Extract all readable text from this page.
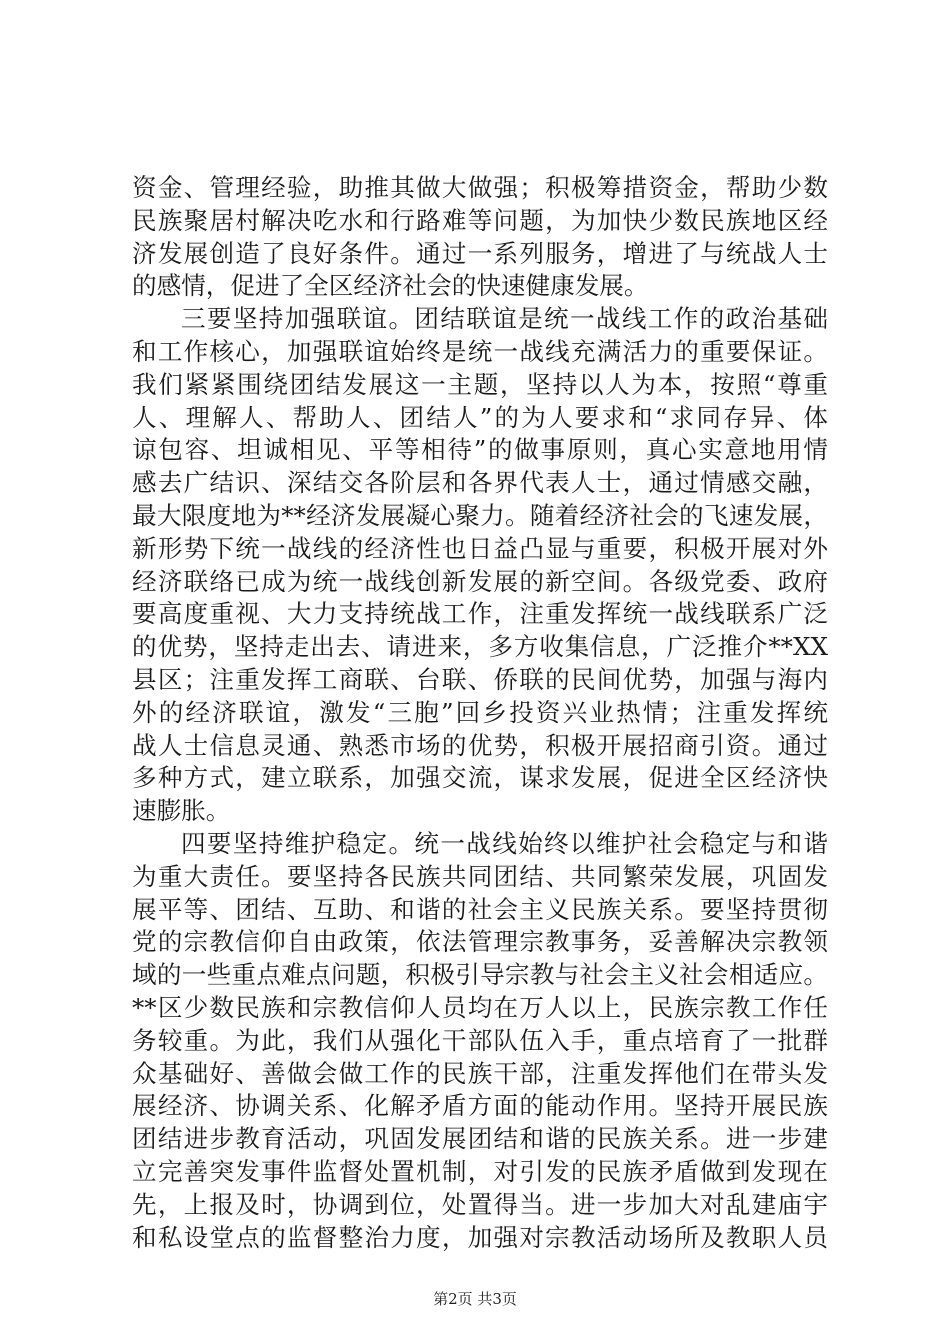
资金、管理经验，助推其做大做强；积极筹措资金，帮助少数
民族聚居村解决吃水和行路难等问题，为加快少数民族地区经
济发展创造了良好条件。通过一系列服务，增进了与统战人士
的感情，促进了全区经济社会的快速健康发展。

三要坚持加强联谊。团结联谊是统一战线工作的政治基础
和工作核心，加强联谊始终是统一战线充满活力的重要保证。
我们紧紧围绕团结发展这一主题，坚持以人为本，按照“尊重
人、理解人、帮助人、团结人”的为人要求和“求同存异、体
谅包容、坦诚相见、平等相待”的做事原则，真心实意地用情
感去广结识、深结交各阶层和各界代表人士，通过情感交融，
最大限度地为**经济发展凝心聚力。随着经济社会的飞速发展，
新形势下统一战线的经济性也日益凸显与重要，积极开展对外
经济联络已成为统一战线创新发展的新空间。各级党委、政府
要高度重视、大力支持统战工作，注重发挥统一战线联系广泛
的优势，坚持走出去、请进来，多方收集信息，广泛推介**XX
县区；注重发挥工商联、台联、侨联的民间优势，加强与海内
外的经济联谊，激发“三胞”回乡投资兴业热情；注重发挥统
战人士信息灵通、熟悉市场的优势，积极开展招商引资。通过
多种方式，建立联系，加强交流，谋求发展，促进全区经济快
速膨胀。

四要坚持维护稳定。统一战线始终以维护社会稳定与和谐
为重大责任。要坚持各民族共同团结、共同繁荣发展，巩固发
展平等、团结、互助、和谐的社会主义民族关系。要坚持贯彻
党的宗教信仰自由政策，依法管理宗教事务，妥善解决宗教领
域的一些重点难点问题，积极引导宗教与社会主义社会相适应。
**区少数民族和宗教信仰人员均在万人以上，民族宗教工作任
务较重。为此，我们从强化干部队伍入手，重点培育了一批群
众基础好、善做会做工作的民族干部，注重发挥他们在带头发
展经济、协调关系、化解矛盾方面的能动作用。坚持开展民族
团结进步教育活动，巩固发展团结和谐的民族关系。进一步建
立完善突发事件监督处置机制，对引发的民族矛盾做到发现在
先，上报及时，协调到位，处置得当。进一步加大对乱建庙宇
和私设堂点的监督整治力度，加强对宗教活动场所及教职人员

第2页 共3页
